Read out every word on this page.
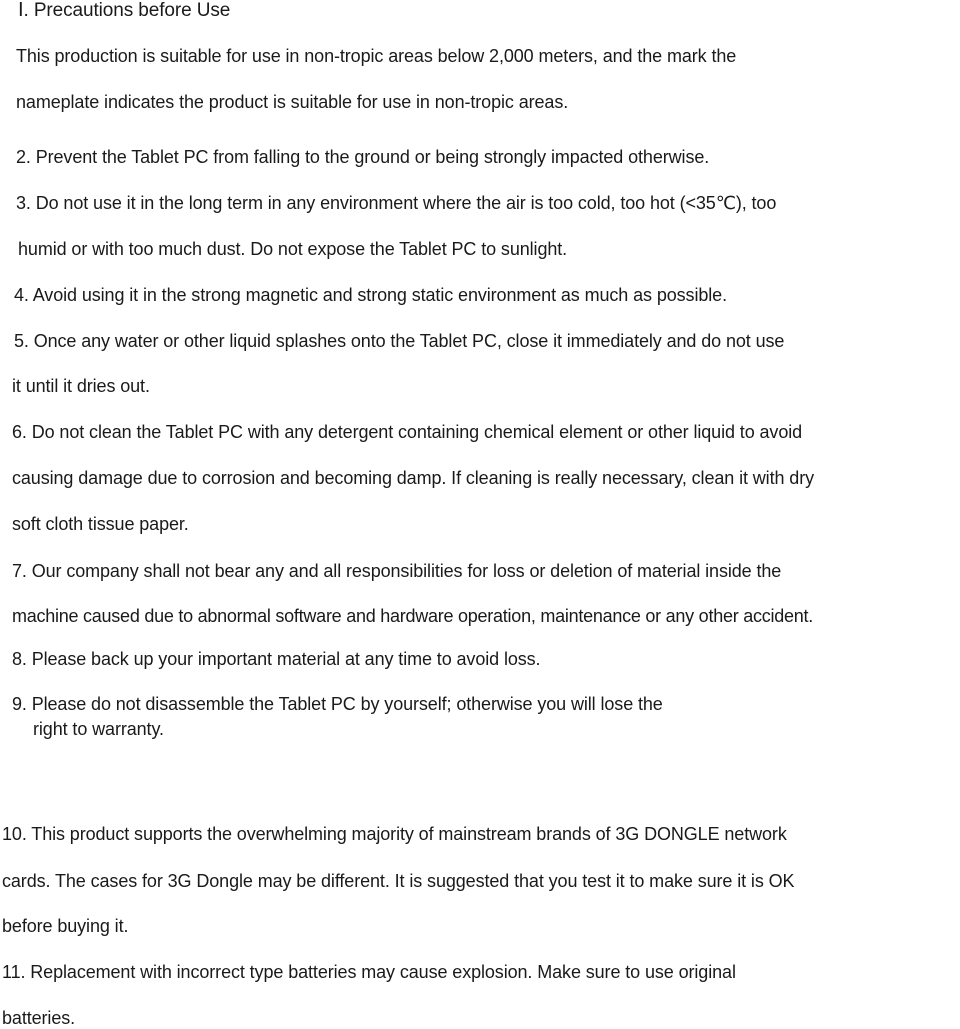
Ⅰ. Precautions before Use

This production is suitable for use in non-tropic areas below 2,000 meters, and the mark the

nameplate indicates the product is suitable for use in non-tropic areas.

2. Prevent the Tablet PC from falling to the ground or being strongly impacted otherwise.

3. Do not use it in the long term in any environment where the air is too cold, too hot (<35℃), too

humid or with too much dust. Do not expose the Tablet PC to sunlight.

4. Avoid using it in the strong magnetic and strong static environment as much as possible.

5. Once any water or other liquid splashes onto the Tablet PC, close it immediately and do not use

it until it dries out.

6. Do not clean the Tablet PC with any detergent containing chemical element or other liquid to avoid

causing damage due to corrosion and becoming damp. If cleaning is really necessary, clean it with dry

soft cloth tissue paper.

7. Our company shall not bear any and all responsibilities for loss or deletion of material inside the

machine caused due to abnormal software and hardware operation, maintenance or any other accident.

8. Please back up your important material at any time to avoid loss.

9. Please do not disassemble the Tablet PC by yourself; otherwise you will lose the

right to warranty.

10. This product supports the overwhelming majority of mainstream brands of 3G DONGLE network

cards. The cases for 3G Dongle may be different. It is suggested that you test it to make sure it is OK

before buying it.

11. Replacement with incorrect type batteries may cause explosion. Make sure to use original

batteries.
